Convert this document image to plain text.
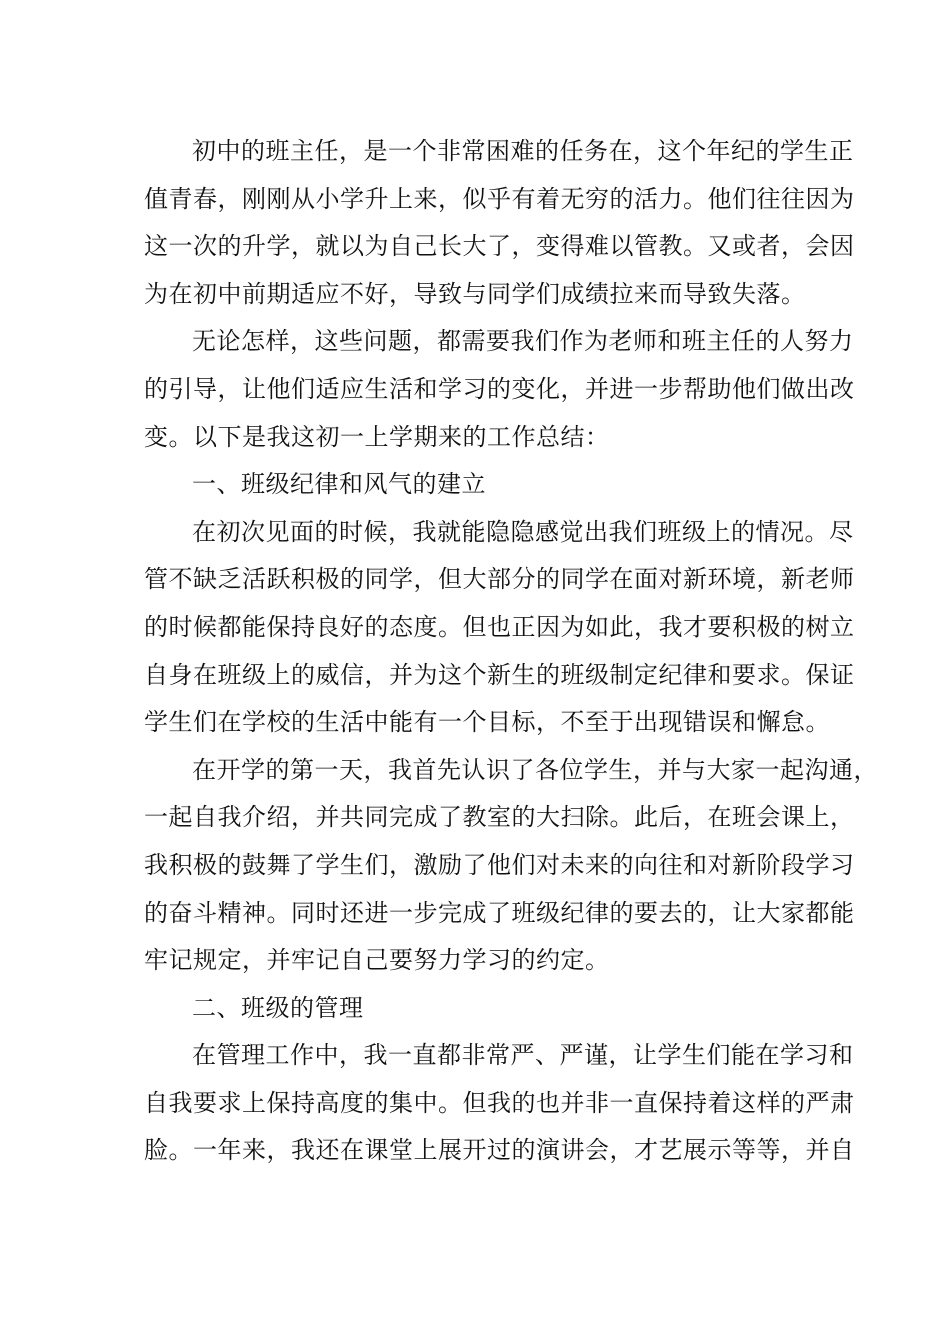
初中的班主任，是一个非常困难的任务在，这个年纪的学生正
值青春，刚刚从小学升上来，似乎有着无穷的活力。他们往往因为
这一次的升学，就以为自己长大了，变得难以管教。又或者，会因
为在初中前期适应不好，导致与同学们成绩拉来而导致失落。
无论怎样，这些问题，都需要我们作为老师和班主任的人努力
的引导，让他们适应生活和学习的变化，并进一步帮助他们做出改
变。以下是我这初一上学期来的工作总结：
一、班级纪律和风气的建立
在初次见面的时候，我就能隐隐感觉出我们班级上的情况。尽
管不缺乏活跃积极的同学，但大部分的同学在面对新环境，新老师
的时候都能保持良好的态度。但也正因为如此，我才要积极的树立
自身在班级上的威信，并为这个新生的班级制定纪律和要求。保证
学生们在学校的生活中能有一个目标，不至于出现错误和懈怠。
在开学的第一天，我首先认识了各位学生，并与大家一起沟通，
一起自我介绍，并共同完成了教室的大扫除。此后，在班会课上，
我积极的鼓舞了学生们，激励了他们对未来的向往和对新阶段学习
的奋斗精神。同时还进一步完成了班级纪律的要去的，让大家都能
牢记规定，并牢记自己要努力学习的约定。
二、班级的管理
在管理工作中，我一直都非常严、严谨，让学生们能在学习和
自我要求上保持高度的集中。但我的也并非一直保持着这样的严肃
脸。一年来，我还在课堂上展开过的演讲会，才艺展示等等，并自
